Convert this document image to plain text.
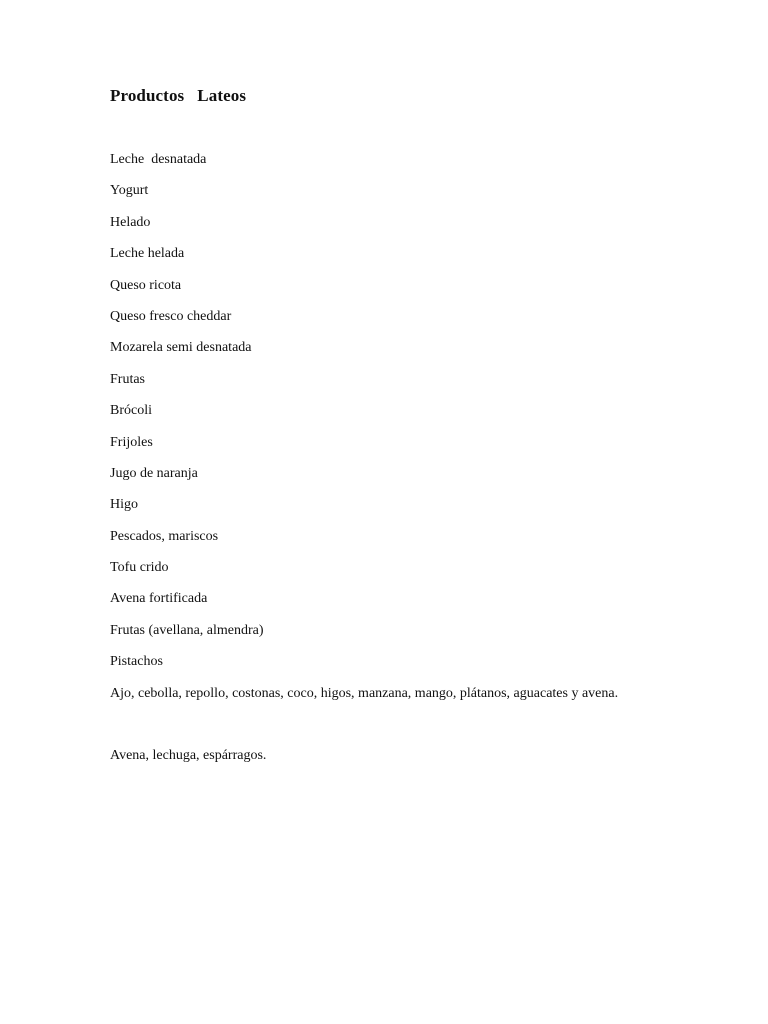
Productos   Lateos
Leche  desnatada
Yogurt
Helado
Leche helada
Queso ricota
Queso fresco cheddar
Mozarela semi desnatada
Frutas
Brócoli
Frijoles
Jugo de naranja
Higo
Pescados, mariscos
Tofu crido
Avena fortificada
Frutas (avellana, almendra)
Pistachos
Ajo, cebolla, repollo, costonas, coco, higos, manzana, mango, plátanos, aguacates y avena.
Avena, lechuga, espárragos.
